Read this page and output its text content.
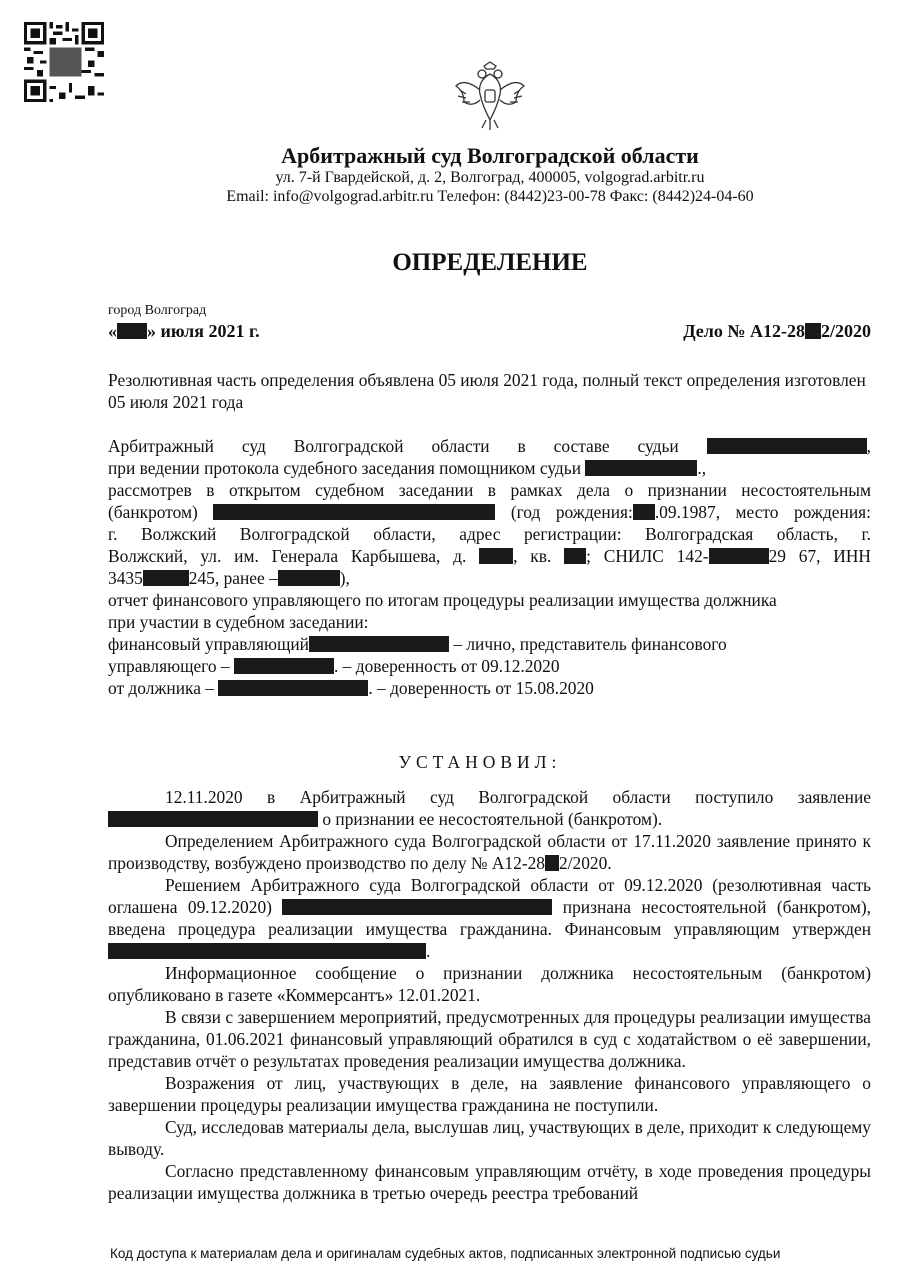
Арбитражный суд Волгоградской области
ул. 7-й Гвардейской, д. 2, Волгоград, 400005, volgograd.arbitr.ru
Email: info@volgograd.arbitr.ru Телефон: (8442)23-00-78 Факс: (8442)24-04-60
ОПРЕДЕЛЕНИЕ
город Волгоград
« » июля 2021 г.	Дело № А12-28 2/2020

Резолютивная часть определения объявлена 05 июля 2021 года, полный текст определения изготовлен 05 июля 2021 года

Арбитражный суд Волгоградской области в составе судьи	,

при ведении протокола судебного заседания помощником судьи	.,

рассмотрев в открытом судебном заседании в рамках дела о признании несостоятельным

(банкротом)	(год рождения: .09.1987, место рождения:

г. Волжский Волгоградской области, адрес регистрации: Волгоградская область, г.

Волжский, ул. им. Генерала Карбышева, д.	, кв. ; СНИЛС 142-	29 67, ИНН

3435	245, ранее –	),

отчет финансового управляющего по итогам процедуры реализации имущества должника

при участии в судебном заседании:

финансовый управляющий	– лично, представитель финансового

управляющего –	. – доверенность от 09.12.2020

от должника –	. – доверенность от 15.08.2020

УСТАНОВИЛ:

12.11.2020 в Арбитражный суд Волгоградской области поступило заявление  о признании ее несостоятельной (банкротом).

Определением Арбитражного суда Волгоградской области от 17.11.2020 заявление принято к производству, возбуждено производство по делу № А12-28 2/2020.

Решением Арбитражного суда Волгоградской области от 09.12.2020 (резолютивная часть оглашена 09.12.2020)	признана несостоятельной (банкротом), введена процедура реализации имущества гражданина. Финансовым управляющим утвержден .

Информационное сообщение о признании должника несостоятельным (банкротом) опубликовано в газете «Коммерсантъ» 12.01.2021.

В связи с завершением мероприятий, предусмотренных для процедуры реализации имущества гражданина, 01.06.2021 финансовый управляющий обратился в суд с ходатайством о её завершении, представив отчёт о результатах проведения реализации имущества должника.

Возражения от лиц, участвующих в деле, на заявление финансового управляющего о завершении процедуры реализации имущества гражданина не поступили.

Суд, исследовав материалы дела, выслушав лиц, участвующих в деле, приходит к следующему выводу.

Согласно представленному финансовым управляющим отчёту, в ходе проведения процедуры реализации имущества должника в третью очередь реестра требований

Код доступа к материалам дела и оригиналам судебных актов, подписанных электронной подписью судьи
